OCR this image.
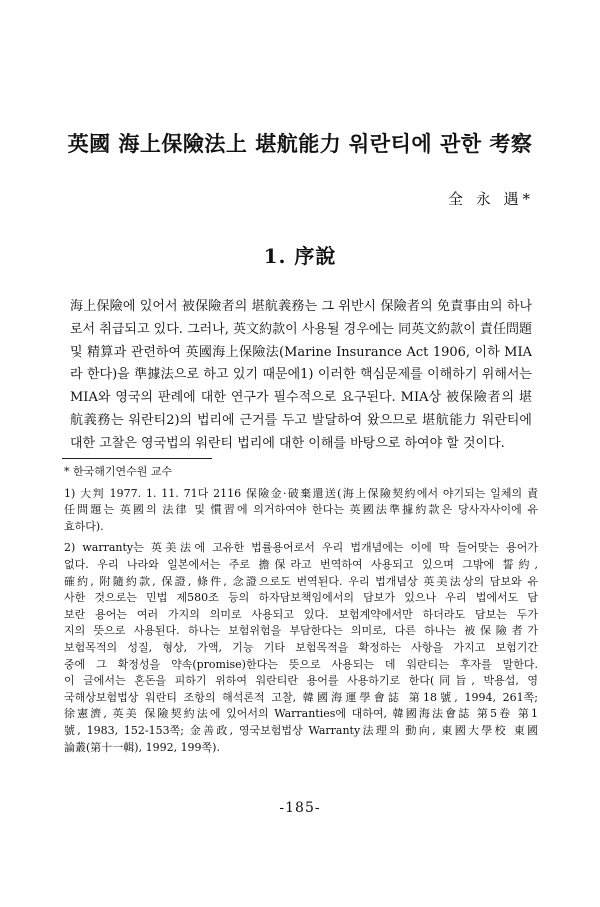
英國 海上保險法上 堪航能力 워란티에 관한 考察
全 永 遇*
1. 序說
海上保險에 있어서 被保險者의 堪航義務는 그 위반시 保險者의 免責事由의 하나
로서 취급되고 있다. 그러나, 英文約款이 사용될 경우에는 同英文約款이 責任問題
및 精算과 관련하여 英國海上保險法(Marine Insurance Act 1906, 이하 MIA
라 한다)을 準據法으로 하고 있기 때문에1) 이러한 핵심문제를 이해하기 위해서는
MIA와 영국의 판례에 대한 연구가 필수적으로 요구된다. MIA상 被保險者의 堪
航義務는 워란티2)의 법리에 근거를 두고 발달하여 왔으므로 堪航能力 워란티에
대한 고찰은 영국법의 워란티 법리에 대한 이해를 바탕으로 하여야 할 것이다.
* 한국해기연수원 교수
1) 大判 1977. 1. 11. 71다 2116 保險金·破棄還送(海上保險契約에서 야기되는 일체의 責
任問題는 英國의 法律 및 慣習에 의거하여야 한다는 英國法準據約款은 당사자사이에 유
효하다).
2) warranty는 英美法에 고유한 법률용어로서 우리 법개념에는 이에 딱 들어맞는 용어가
없다. 우리 나라와 일본에서는 주로 擔保라고 번역하여 사용되고 있으며 그밖에 誓約,
確約, 附隨約款, 保證, 條件, 念證으로도 번역된다. 우리 법개념상 英美法상의 담보와 유
사한 것으로는 민법 제580조 등의 하자담보책임에서의 담보가 있으나 우리 법에서도 담
보란 용어는 여러 가지의 의미로 사용되고 있다. 보험계약에서만 하더라도 담보는 두가
지의 뜻으로 사용된다. 하나는 보험위험을 부담한다는 의미로, 다른 하나는 被保險者가
보험목적의 성질, 형상, 가액, 기능 기타 보험목적을 확정하는 사항을 가지고 보험기간
중에 그 확정성을 약속(promise)한다는 뜻으로 사용되는 데 워란티는 후자를 말한다.
이 글에서는 혼돈을 피하기 위하여 워란티란 용어를 사용하기로 한다(同旨, 박용섭, 영
국해상보험법상 워란티 조항의 해석론적 고찰, 韓國海運學會誌 第18號, 1994, 261쪽;
徐憲濟, 英美 保險契約法에 있어서의 Warranties에 대하여, 韓國海法會誌 第5卷 第1
號, 1983, 152-153쪽; 金善政, 영국보험법상 Warranty法理의 動向, 東國大學校 東國
論叢(第十一輯), 1992, 199쪽).
-185-
